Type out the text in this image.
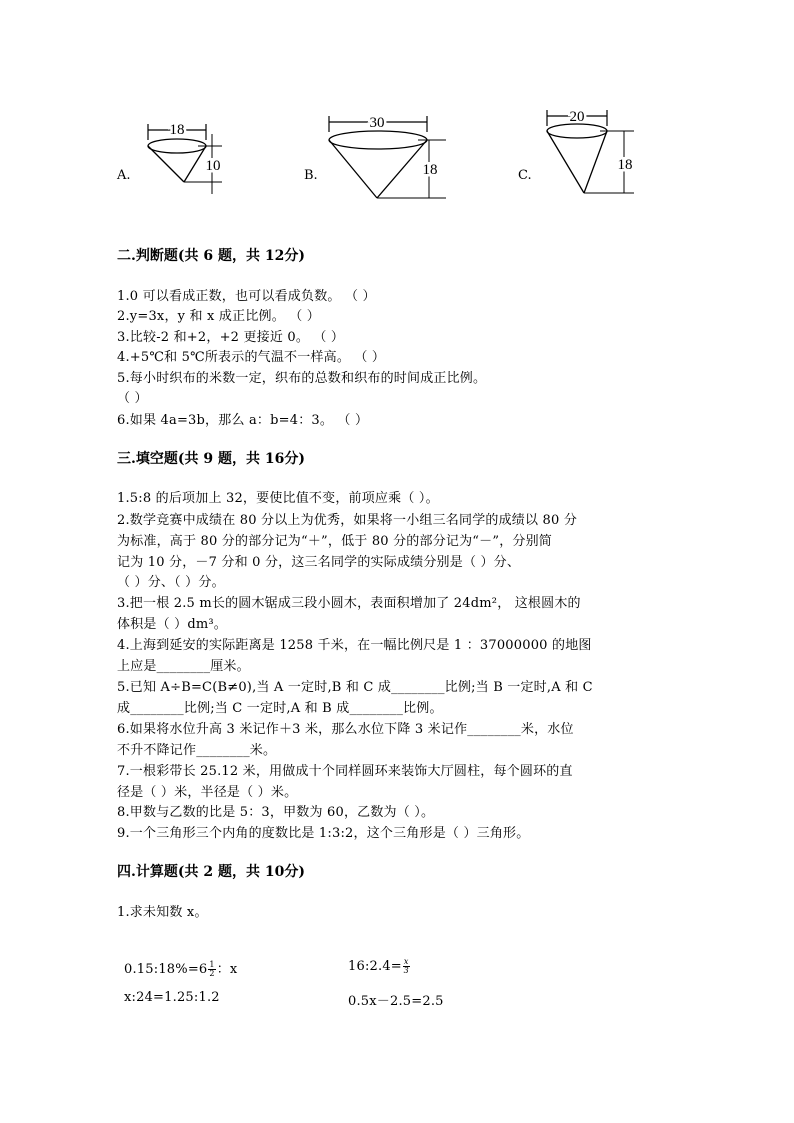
18
10
A.
30
18
B.
20
18
C.
二.判断题(共 6 题，共 12分)
1.0 可以看成正数，也可以看成负数。 （ ）
2.y=3x，y 和 x 成正比例。 （ ）
3.比较-2 和+2，+2 更接近 0。 （ ）
4.+5℃和 5℃所表示的气温不一样高。 （ ）
5.每小时织布的米数一定，织布的总数和织布的时间成正比例。
（ ）
6.如果 4a=3b，那么 a：b=4：3。 （ ）
三.填空题(共 9 题，共 16分)
1.5:8 的后项加上 32，要使比值不变，前项应乘（ ）。
2.数学竞赛中成绩在 80 分以上为优秀，如果将一小组三名同学的成绩以 80 分
为标准，高于 80 分的部分记为“＋”，低于 80 分的部分记为“－”，分别简
记为 10 分，－7 分和 0 分，这三名同学的实际成绩分别是（ ）分、
（ ）分、（ ）分。
3.把一根 2.5 m长的圆木锯成三段小圆木，表面积增加了 24dm²， 这根圆木的
体积是（ ）dm³。
4.上海到延安的实际距离是 1258 千米，在一幅比例尺是 1 ：37000000 的地图
上应是________厘米。
5.已知 A÷B=C(B≠0),当 A 一定时,B 和 C 成________比例;当 B 一定时,A 和 C
成________比例;当 C 一定时,A 和 B 成________比例。
6.如果将水位升高 3 米记作＋3 米，那么水位下降 3 米记作________米，水位
不升不降记作________米。
7.一根彩带长 25.12 米，用做成十个同样圆环来装饰大厅圆柱，每个圆环的直
径是（ ）米，半径是（ ）米。
8.甲数与乙数的比是 5：3，甲数为 60，乙数为（ ）。
9.一个三角形三个内角的度数比是 1:3:2，这个三角形是（ ）三角形。
四.计算题(共 2 题，共 10分)
1.求未知数 x。
0.15:18%=6 $\frac{1}{2}$ ：x	16:2.4= $\frac{x}{3}$
x:24=1.25:1.2	0.5x－2.5=2.5
